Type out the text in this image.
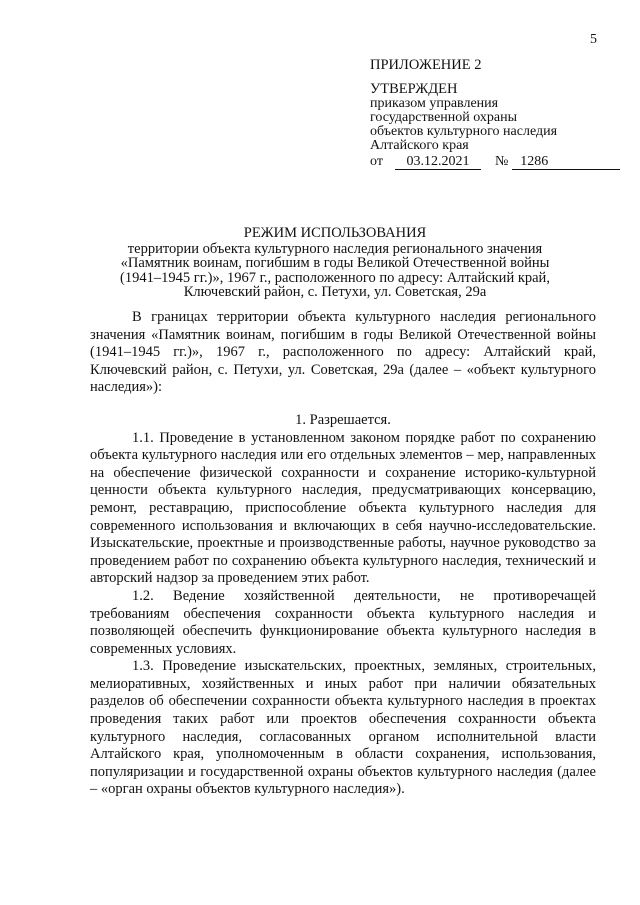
5
ПРИЛОЖЕНИЕ 2
УТВЕРЖДЕН
приказом управления
государственной охраны
объектов культурного наследия
Алтайского края
от 03.12.2021 № 1286
РЕЖИМ ИСПОЛЬЗОВАНИЯ
территории объекта культурного наследия регионального значения
«Памятник воинам, погибшим в годы Великой Отечественной войны
(1941–1945 гг.)», 1967 г., расположенного по адресу: Алтайский край,
Ключевский район, с. Петухи, ул. Советская, 29а

В границах территории объекта культурного наследия регионального значения «Памятник воинам, погибшим в годы Великой Отечественной войны (1941–1945 гг.)», 1967 г., расположенного по адресу: Алтайский край, Ключевский район, с. Петухи, ул. Советская, 29а (далее – «объект культурного наследия»):

1. Разрешается.

1.1. Проведение в установленном законом порядке работ по сохранению объекта культурного наследия или его отдельных элементов – мер, направленных на обеспечение физической сохранности и сохранение историко-культурной ценности объекта культурного наследия, предусматривающих консервацию, ремонт, реставрацию, приспособление объекта культурного наследия для современного использования и включающих в себя научно-исследовательские. Изыскательские, проектные и производственные работы, научное руководство за проведением работ по сохранению объекта культурного наследия, технический и авторский надзор за проведением этих работ.

1.2. Ведение хозяйственной деятельности, не противоречащей требованиям обеспечения сохранности объекта культурного наследия и позволяющей обеспечить функционирование объекта культурного наследия в современных условиях.

1.3. Проведение изыскательских, проектных, земляных, строительных, мелиоративных, хозяйственных и иных работ при наличии обязательных разделов об обеспечении сохранности объекта культурного наследия в проектах проведения таких работ или проектов обеспечения сохранности объекта культурного наследия, согласованных органом исполнительной власти Алтайского края, уполномоченным в области сохранения, использования, популяризации и государственной охраны объектов культурного наследия (далее – «орган охраны объектов культурного наследия»).
